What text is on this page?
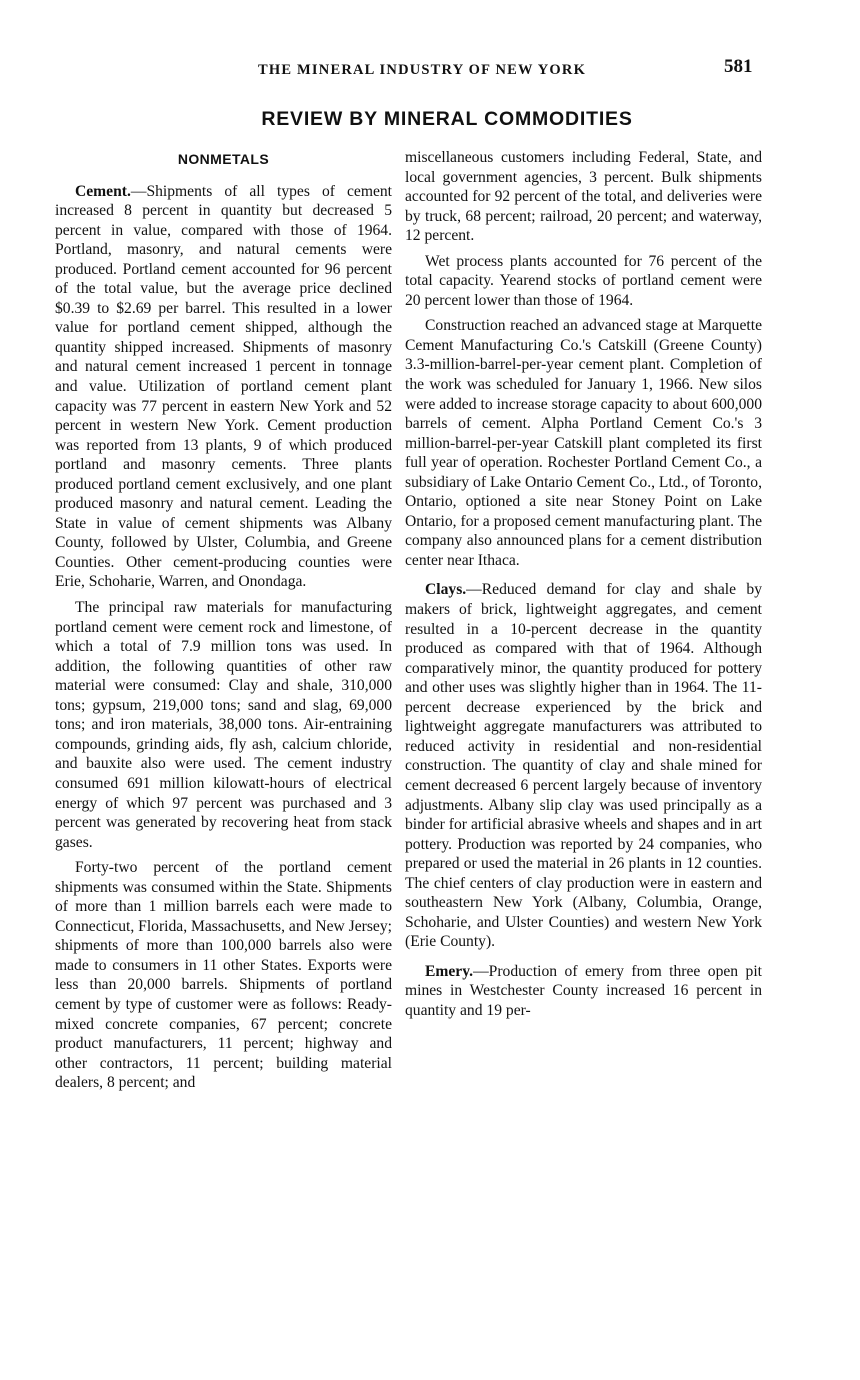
THE MINERAL INDUSTRY OF NEW YORK	581
REVIEW BY MINERAL COMMODITIES
NONMETALS

Cement.—Shipments of all types of cement increased 8 percent in quantity but decreased 5 percent in value, compared with those of 1964. Portland, masonry, and natural cements were produced. Portland cement accounted for 96 percent of the total value, but the average price declined $0.39 to $2.69 per barrel. This resulted in a lower value for portland cement shipped, although the quantity shipped increased. Shipments of masonry and natural cement increased 1 percent in tonnage and value. Utilization of portland cement plant capacity was 77 percent in eastern New York and 52 percent in western New York. Cement production was reported from 13 plants, 9 of which produced portland and masonry cements. Three plants produced portland cement exclusively, and one plant produced masonry and natural cement. Leading the State in value of cement shipments was Albany County, followed by Ulster, Columbia, and Greene Counties. Other cement-producing counties were Erie, Schoharie, Warren, and Onondaga.

The principal raw materials for manufacturing portland cement were cement rock and limestone, of which a total of 7.9 million tons was used. In addition, the following quantities of other raw material were consumed: Clay and shale, 310,000 tons; gypsum, 219,000 tons; sand and slag, 69,000 tons; and iron materials, 38,000 tons. Air-entraining compounds, grinding aids, fly ash, calcium chloride, and bauxite also were used. The cement industry consumed 691 million kilowatt-hours of electrical energy of which 97 percent was purchased and 3 percent was generated by recovering heat from stack gases.

Forty-two percent of the portland cement shipments was consumed within the State. Shipments of more than 1 million barrels each were made to Connecticut, Florida, Massachusetts, and New Jersey; shipments of more than 100,000 barrels also were made to consumers in 11 other States. Exports were less than 20,000 barrels. Shipments of portland cement by type of customer were as follows: Ready-mixed concrete companies, 67 percent; concrete product manufacturers, 11 percent; highway and other contractors, 11 percent; building material dealers, 8 percent; and

miscellaneous customers including Federal, State, and local government agencies, 3 percent. Bulk shipments accounted for 92 percent of the total, and deliveries were by truck, 68 percent; railroad, 20 percent; and waterway, 12 percent.

Wet process plants accounted for 76 percent of the total capacity. Yearend stocks of portland cement were 20 percent lower than those of 1964.

Construction reached an advanced stage at Marquette Cement Manufacturing Co.'s Catskill (Greene County) 3.3-million-barrel-per-year cement plant. Completion of the work was scheduled for January 1, 1966. New silos were added to increase storage capacity to about 600,000 barrels of cement. Alpha Portland Cement Co.'s 3 million-barrel-per-year Catskill plant completed its first full year of operation. Rochester Portland Cement Co., a subsidiary of Lake Ontario Cement Co., Ltd., of Toronto, Ontario, optioned a site near Stoney Point on Lake Ontario, for a proposed cement manufacturing plant. The company also announced plans for a cement distribution center near Ithaca.

Clays.—Reduced demand for clay and shale by makers of brick, lightweight aggregates, and cement resulted in a 10-percent decrease in the quantity produced as compared with that of 1964. Although comparatively minor, the quantity produced for pottery and other uses was slightly higher than in 1964. The 11-percent decrease experienced by the brick and lightweight aggregate manufacturers was attributed to reduced activity in residential and non-residential construction. The quantity of clay and shale mined for cement decreased 6 percent largely because of inventory adjustments. Albany slip clay was used principally as a binder for artificial abrasive wheels and shapes and in art pottery. Production was reported by 24 companies, who prepared or used the material in 26 plants in 12 counties. The chief centers of clay production were in eastern and southeastern New York (Albany, Columbia, Orange, Schoharie, and Ulster Counties) and western New York (Erie County).

Emery.—Production of emery from three open pit mines in Westchester County increased 16 percent in quantity and 19 per-
